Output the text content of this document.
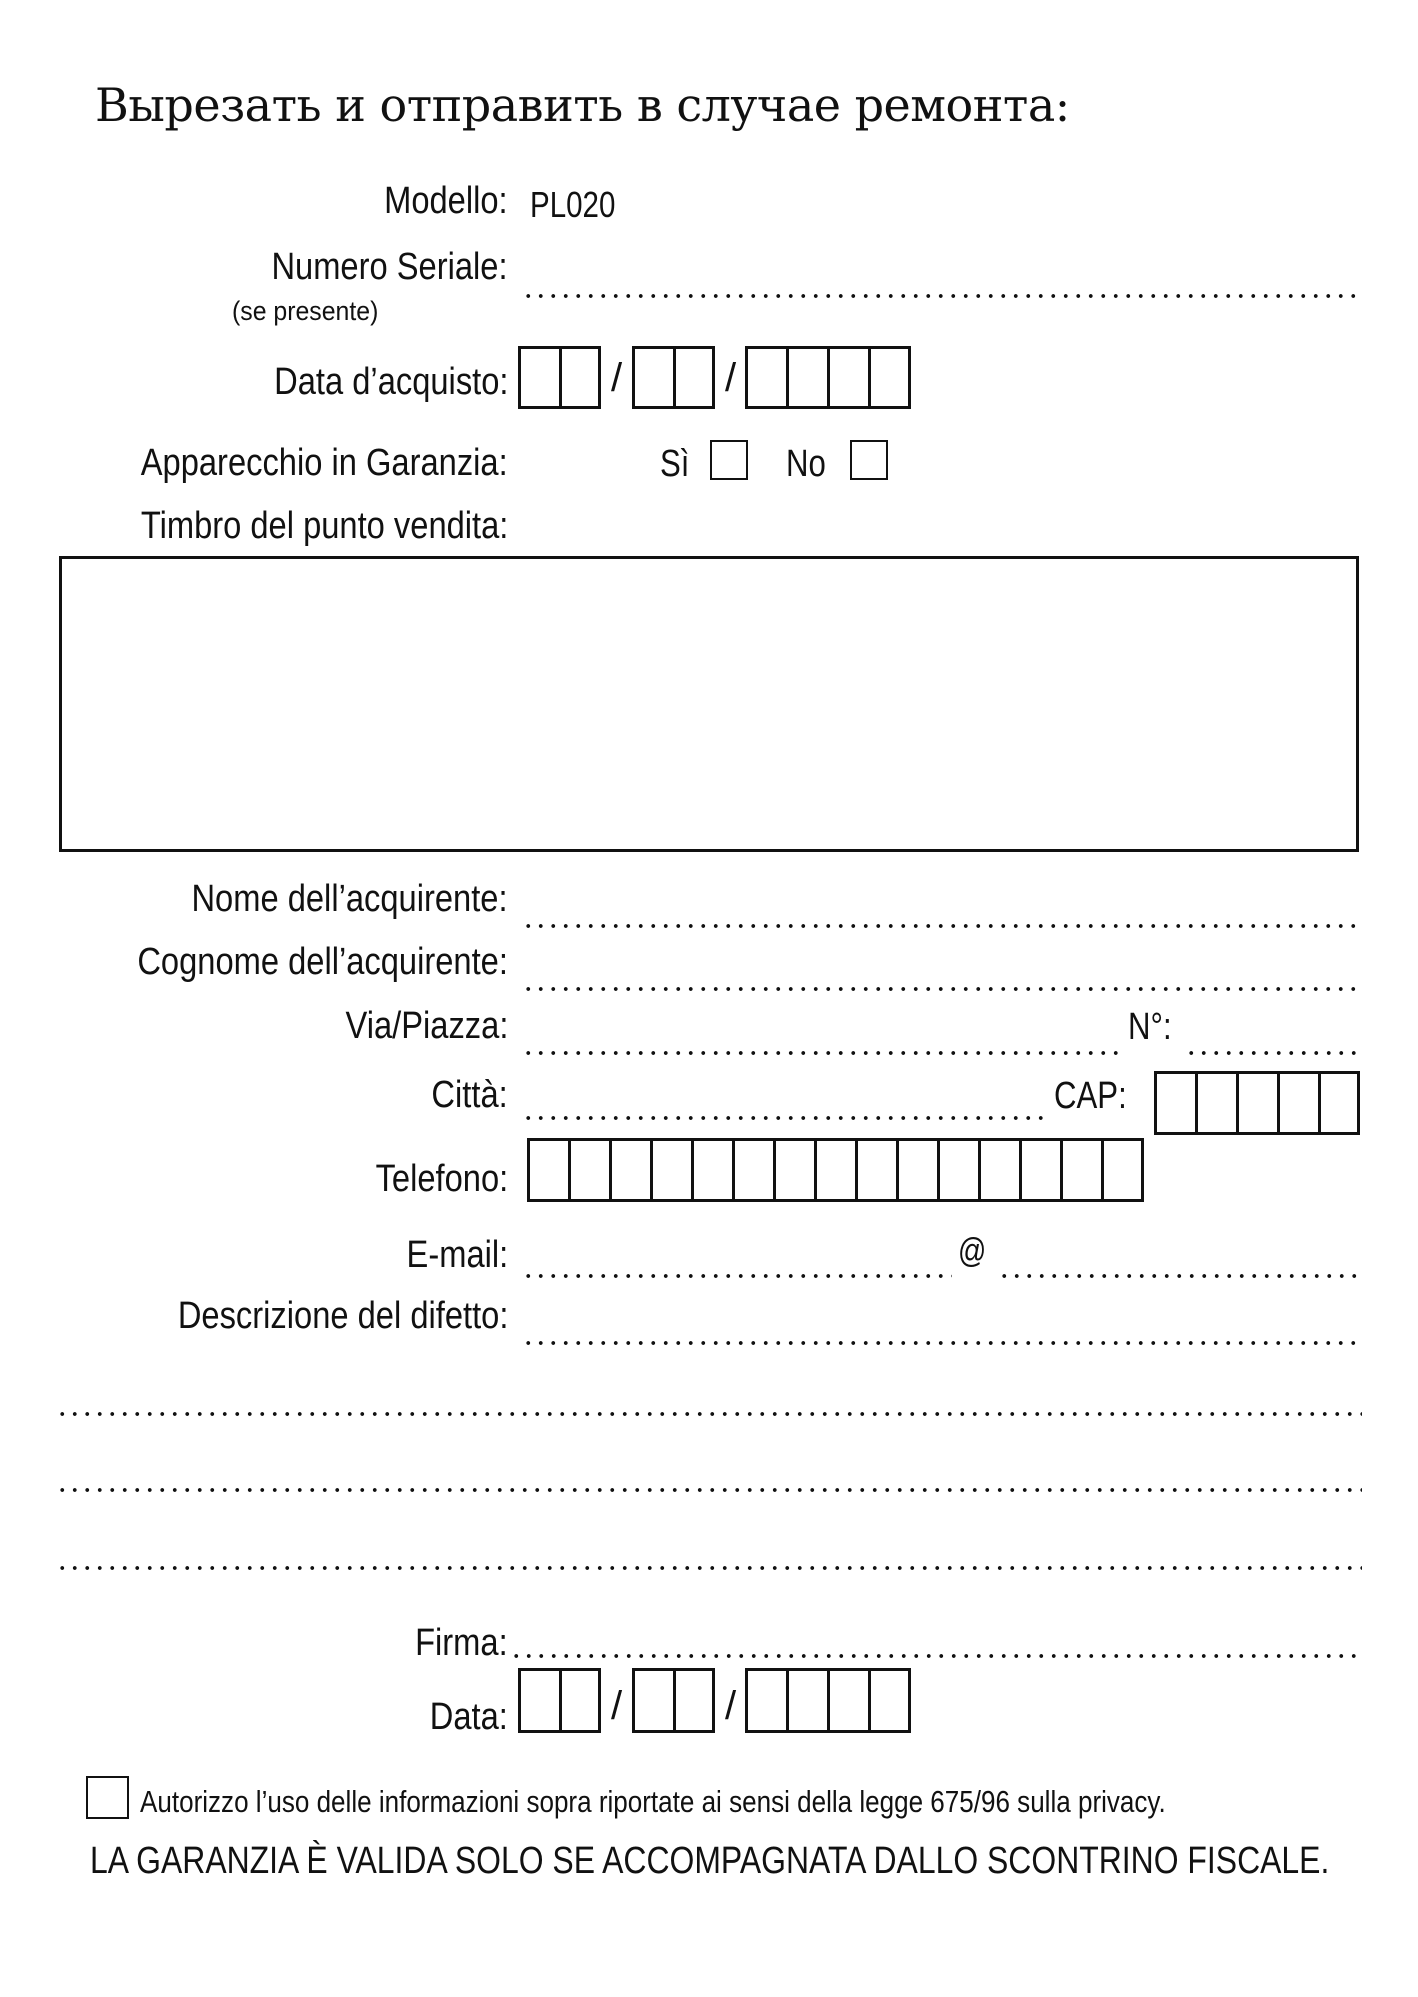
Вырезать и отправить в случае ремонта:
Modello: PL020
Numero Seriale:
(se presente)
Data d’acquisto:	/	/
Apparecchio in Garanzia:	Sì	No
Timbro del punto vendita:
Nome dell’acquirente:
Cognome dell’acquirente:
Via/Piazza:	N°:
Città:	CAP:
Telefono:
E-mail:	@
Descrizione del difetto:
Firma:
Data:	/	/
Autorizzo l’uso delle informazioni sopra riportate ai sensi della legge 675/96 sulla privacy.
LA GARANZIA È VALIDA SOLO SE ACCOMPAGNATA DALLO SCONTRINO FISCALE.
